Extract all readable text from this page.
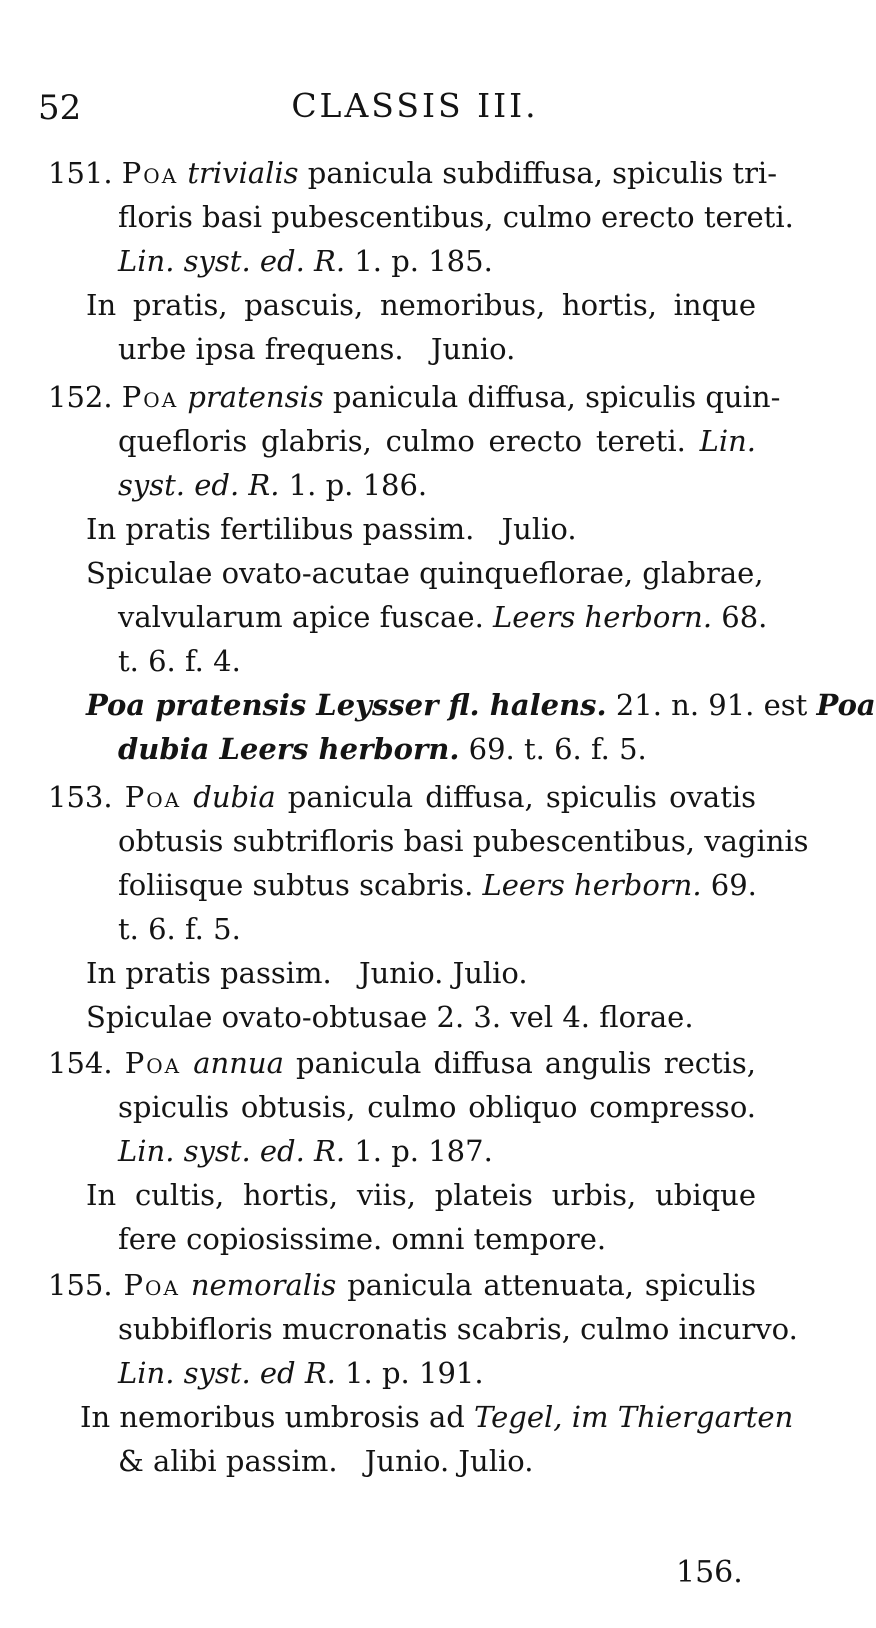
52	CLASSIS III.
151. Poa trivialis panicula subdiffusa, spiculis tri-
floris basi pubescentibus, culmo erecto tereti.
Lin. syst. ed. R. 1. p. 185.
In pratis, pascuis, nemoribus, hortis, inque
urbe ipsa frequens. Junio.
152. Poa pratensis panicula diffusa, spiculis quin-
quefloris glabris, culmo erecto tereti. Lin.
syst. ed. R. 1. p. 186.
In pratis fertilibus passim. Julio.
Spiculae ovato-acutae quinqueflorae, glabrae,
valvularum apice fuscae. Leers herborn. 68.
t. 6. f. 4.
Poa pratensis Leysser fl. halens. 21. n. 91. est Poa
dubia Leers herborn. 69. t. 6. f. 5.
153. Poa dubia panicula diffusa, spiculis ovatis
obtusis subtrifloris basi pubescentibus, vaginis
foliisque subtus scabris. Leers herborn. 69.
t. 6. f. 5.
In pratis passim. Junio. Julio.
Spiculae ovato-obtusae 2. 3. vel 4. florae.
154. Poa annua panicula diffusa angulis rectis,
spiculis obtusis, culmo obliquo compresso.
Lin. syst. ed. R. 1. p. 187.
In cultis, hortis, viis, plateis urbis, ubique
fere copiosissime. omni tempore.
155. Poa nemoralis panicula attenuata, spiculis
subbifloris mucronatis scabris, culmo incurvo.
Lin. syst. ed R. 1. p. 191.
In nemoribus umbrosis ad Tegel, im Thiergarten
& alibi passim. Junio. Julio.
156.
